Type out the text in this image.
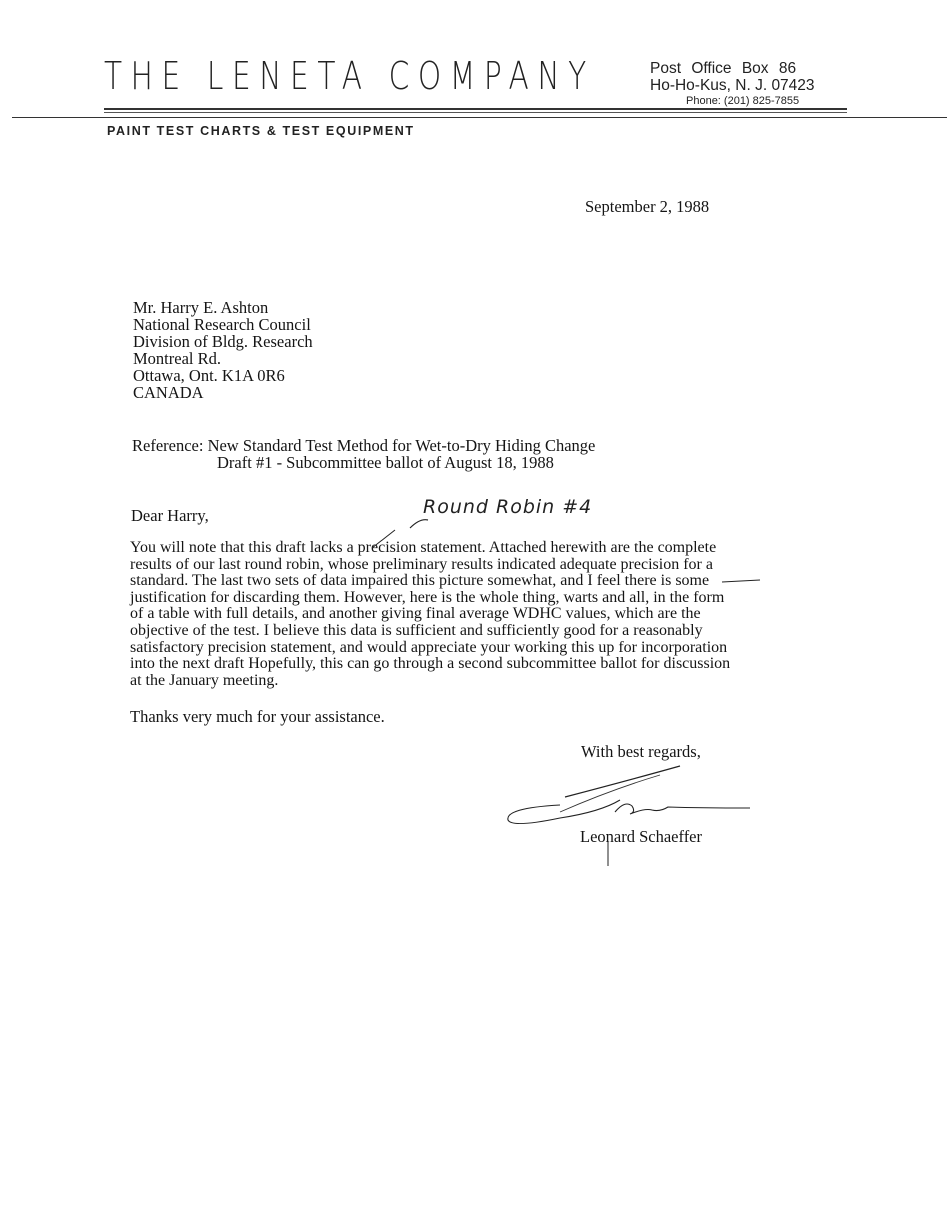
THE LENETA COMPANY	Post Office Box 86
Ho-Ho-Kus, N. J. 07423
Phone: (201) 825-7855
PAINT TEST CHARTS & TEST EQUIPMENT
September 2, 1988
Mr. Harry E. Ashton
National Research Council
Division of Bldg. Research
Montreal Rd.
Ottawa, Ont. K1A 0R6
CANADA
Reference: New Standard Test Method for Wet-to-Dry Hiding Change
Draft #1 - Subcommittee ballot of August 18, 1988
Dear Harry,	Round Robin #4
You will note that this draft lacks a precision statement. Attached herewith are the complete
results of our last round robin, whose preliminary results indicated adequate precision for a
standard. The last two sets of data impaired this picture somewhat, and I feel there is some
justification for discarding them. However, here is the whole thing, warts and all, in the form
of a table with full details, and another giving final average WDHC values, which are the
objective of the test. I believe this data is sufficient and sufficiently good for a reasonably
satisfactory precision statement, and would appreciate your working this up for incorporation
into the next draft Hopefully, this can go through a second subcommittee ballot for discussion
at the January meeting.
Thanks very much for your assistance.
With best regards,
Leonard Schaeffer
